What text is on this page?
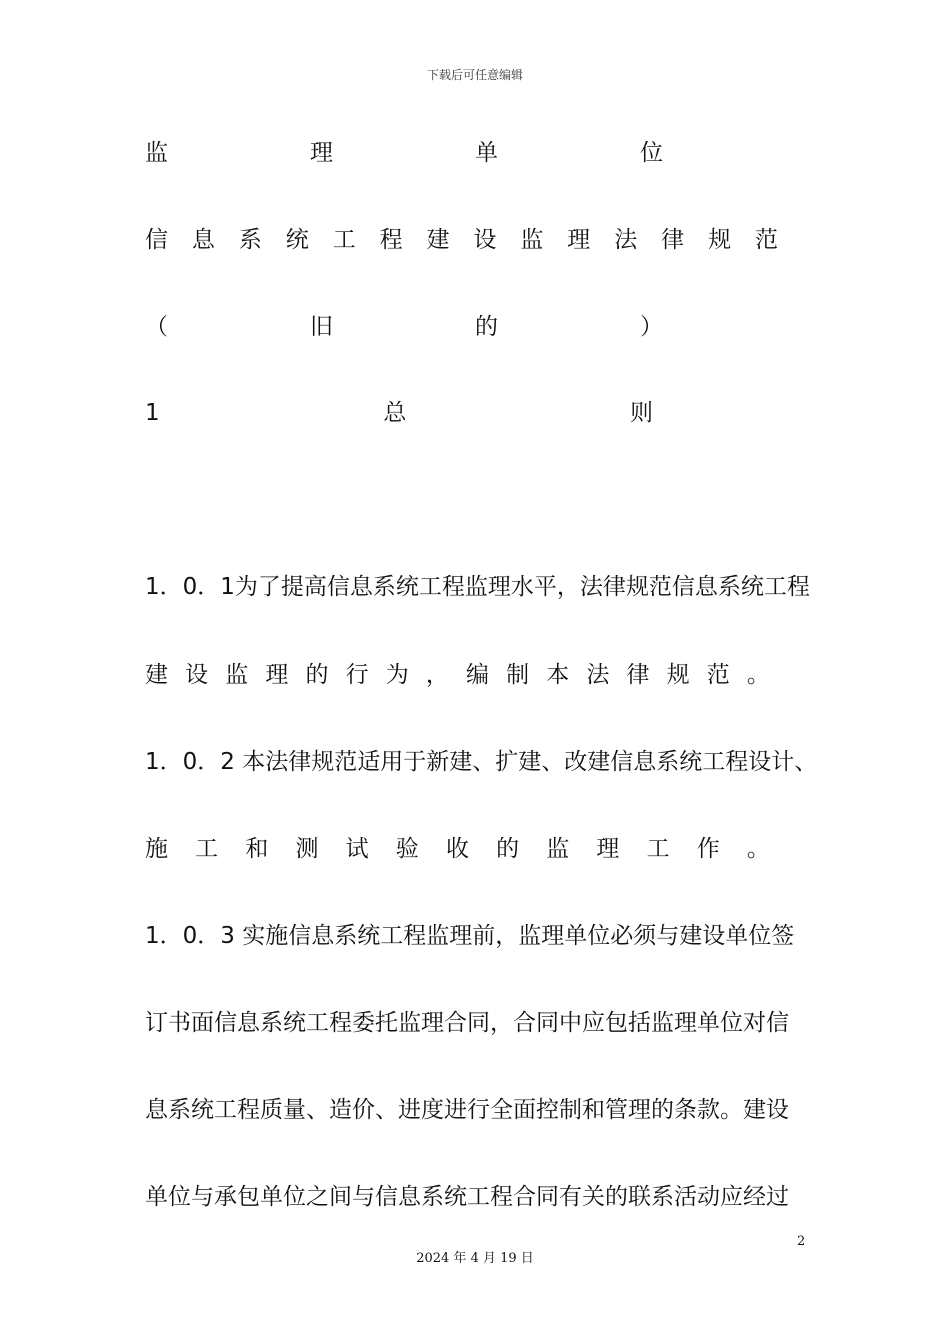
下载后可任意编辑
监	理	单	位
信 息 系 统 工 程 建 设 监 理 法 律 规 范
（	旧	的	）
1	总	则
1．0．1为了提高信息系统工程监理水平，法律规范信息系统工程
建 设 监 理 的 行 为 ， 编 制 本 法 律 规 范 。
1．0．2 本法律规范适用于新建、扩建、改建信息系统工程设计、
施 工 和 测 试 验 收 的 监 理 工 作 。
1．0．3 实施信息系统工程监理前，监理单位必须与建设单位签
订书面信息系统工程委托监理合同，合同中应包括监理单位对信
息系统工程质量、造价、进度进行全面控制和管理的条款。建设
单位与承包单位之间与信息系统工程合同有关的联系活动应经过
2
2024 年 4 月 19 日
